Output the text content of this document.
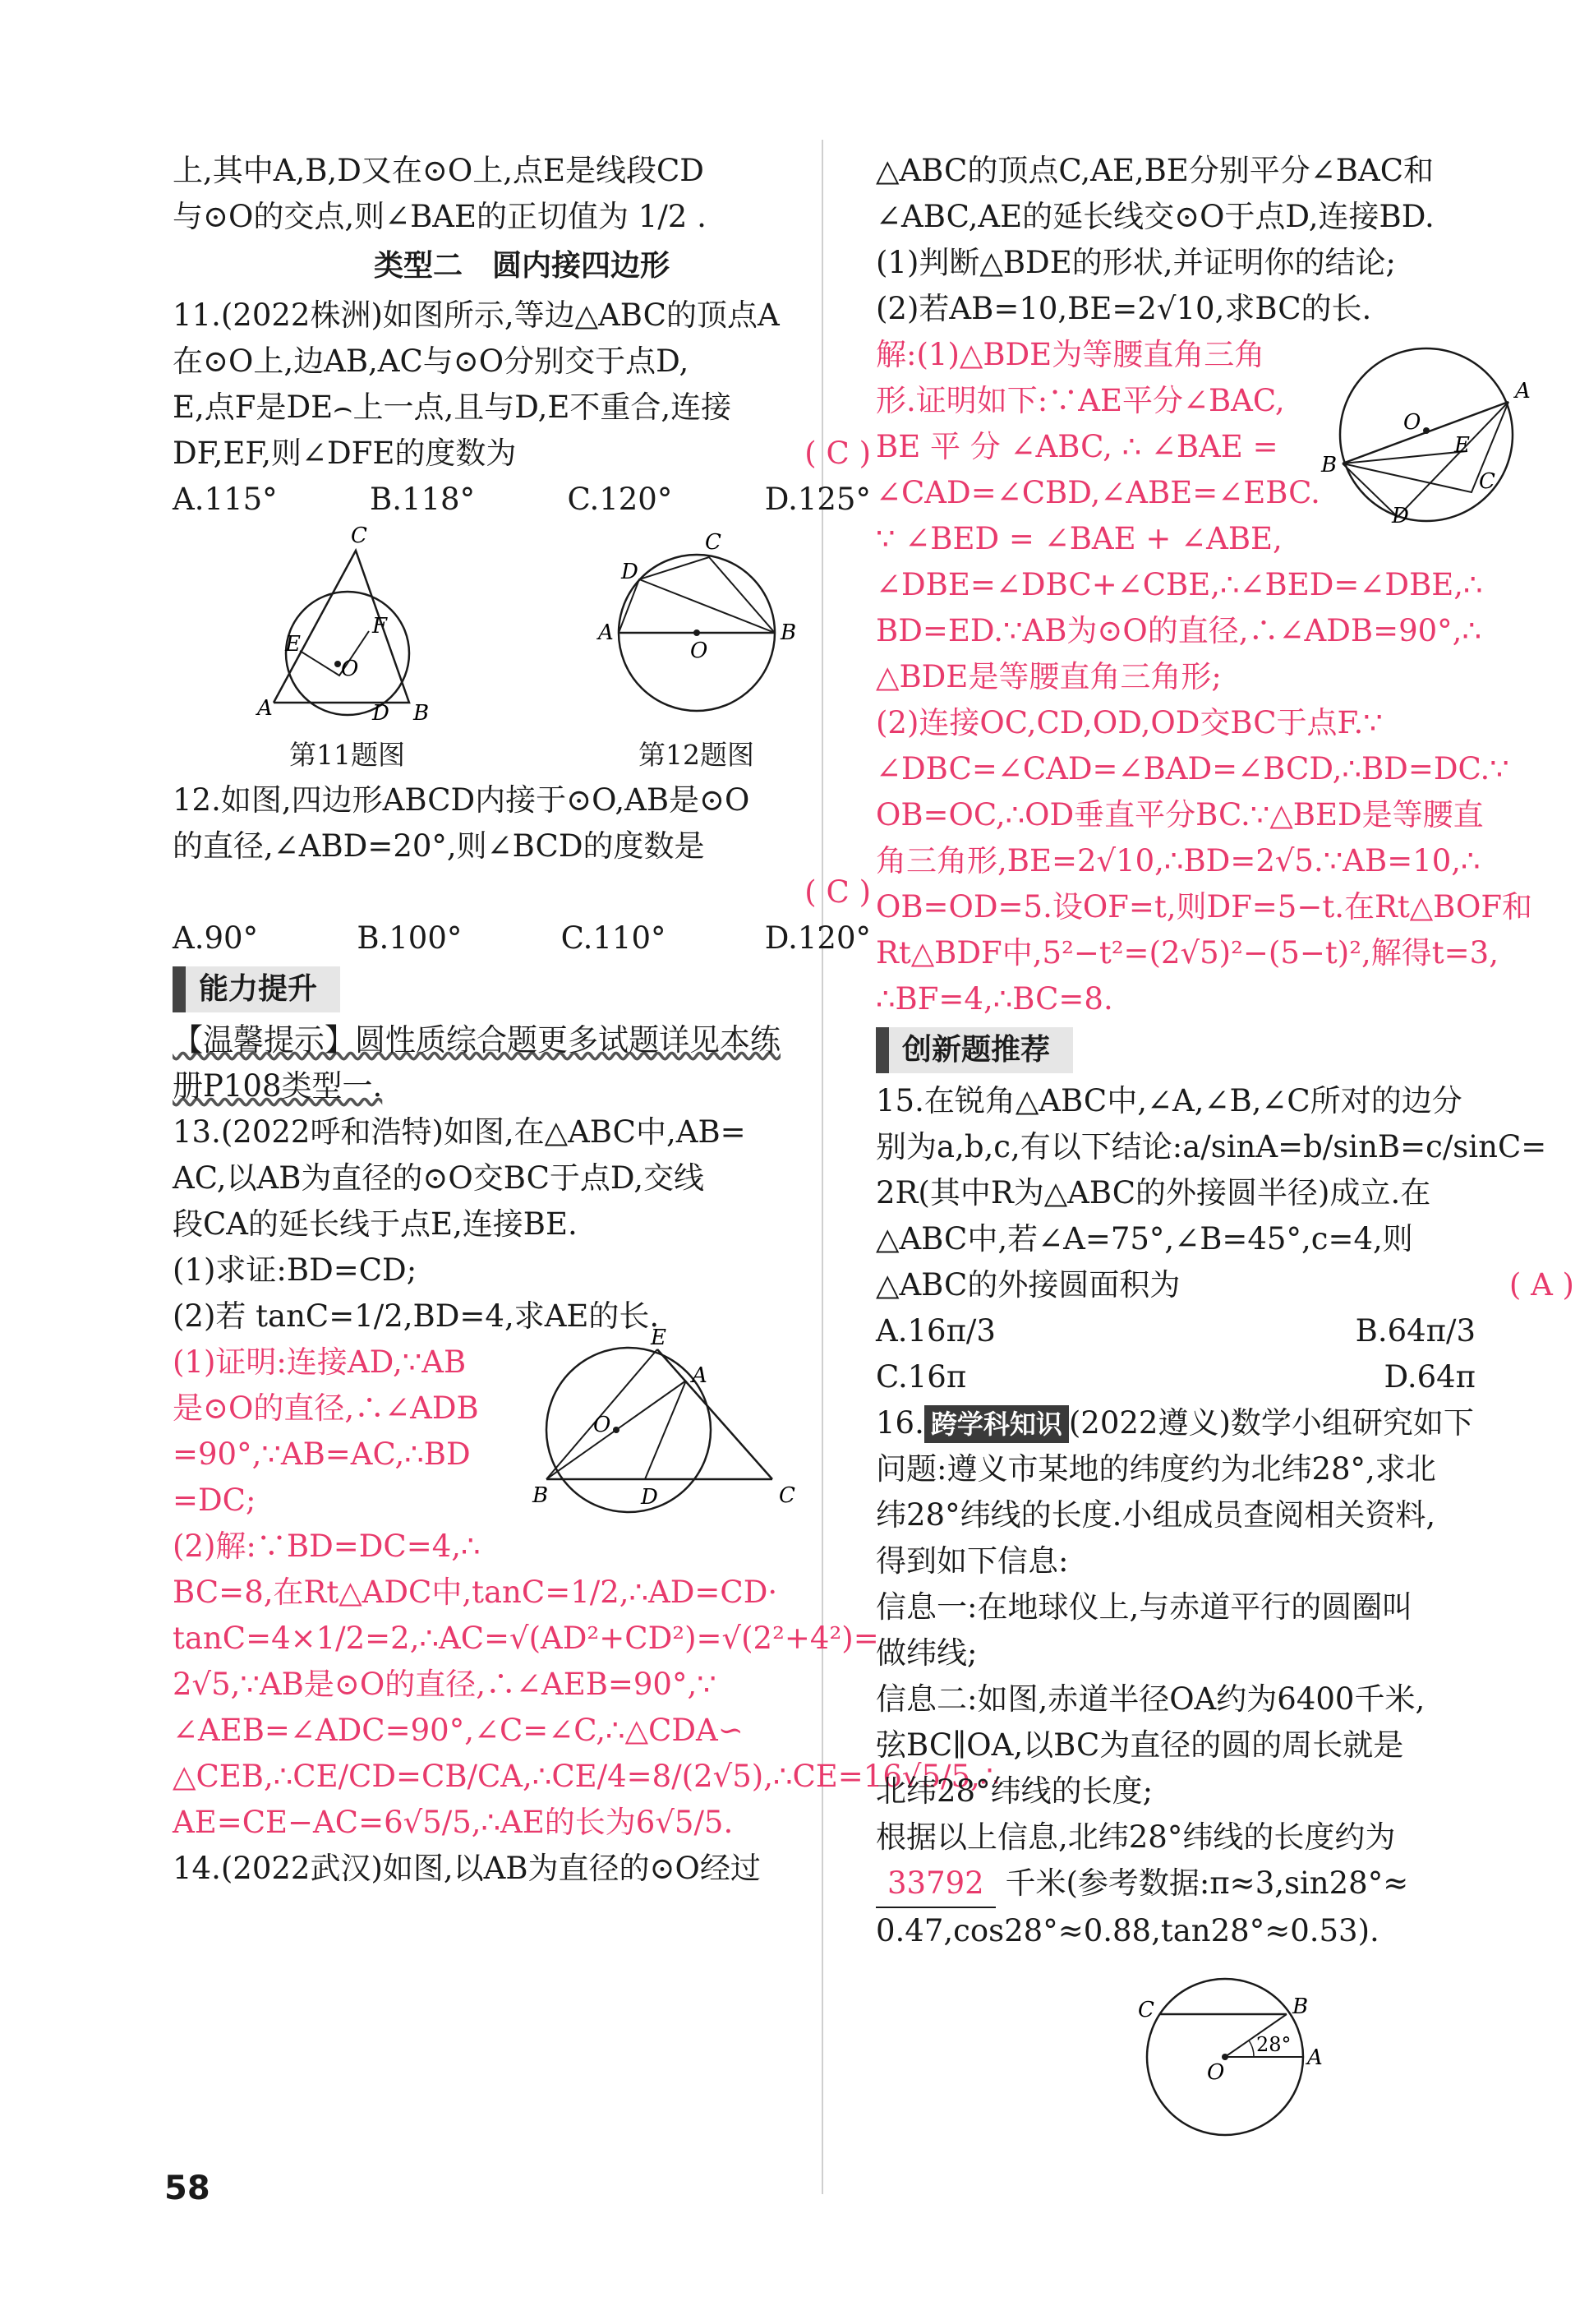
上,其中A,B,D又在⊙O上,点E是线段CD
与⊙O的交点,则∠BAE的正切值为 1/2 .
类型二　圆内接四边形
11.(2022株洲)如图所示,等边△ABC的顶点A
在⊙O上,边AB,AC与⊙O分别交于点D,
E,点F是DE⌢上一点,且与D,E不重合,连接
DF,EF,则∠DFE的度数为	( C )
A.115°	B.118°	C.120°	D.125°
C
E
F
O
A	D B
第11题图
C
D
A	B
O
第12题图
12.如图,四边形ABCD内接于⊙O,AB是⊙O
的直径,∠ABD=20°,则∠BCD的度数是
( C )
A.90°	B.100°	C.110°	D.120°
能力提升
【温馨提示】圆性质综合题更多试题详见本练
册P108类型一.
13.(2022呼和浩特)如图,在△ABC中,AB=
AC,以AB为直径的⊙O交BC于点D,交线
段CA的延长线于点E,连接BE.
(1)求证:BD=CD;
(2)若 tanC=1/2,BD=4,求AE的长.
E
A
O
B	D	C
(1)证明:连接AD,∵AB
是⊙O的直径,∴∠ADB
=90°,∵AB=AC,∴BD
=DC;
(2)解:∵BD=DC=4,∴
BC=8,在Rt△ADC中,tanC=1/2,∴AD=CD·
tanC=4×1/2=2,∴AC=√(AD²+CD²)=√(2²+4²)=
2√5,∵AB是⊙O的直径,∴∠AEB=90°,∵
∠AEB=∠ADC=90°,∠C=∠C,∴△CDA∽
△CEB,∴CE/CD=CB/CA,∴CE/4=8/(2√5),∴CE=16√5/5,∴
AE=CE−AC=6√5/5,∴AE的长为6√5/5.
14.(2022武汉)如图,以AB为直径的⊙O经过
△ABC的顶点C,AE,BE分别平分∠BAC和
∠ABC,AE的延长线交⊙O于点D,连接BD.
(1)判断△BDE的形状,并证明你的结论;
(2)若AB=10,BE=2√10,求BC的长.
A
O
E
B
C
D
解:(1)△BDE为等腰直角三角
形.证明如下:∵AE平分∠BAC,
BE 平 分 ∠ABC, ∴ ∠BAE =
∠CAD=∠CBD,∠ABE=∠EBC.
∵ ∠BED = ∠BAE + ∠ABE,
∠DBE=∠DBC+∠CBE,∴∠BED=∠DBE,∴
BD=ED.∵AB为⊙O的直径,∴∠ADB=90°,∴
△BDE是等腰直角三角形;
(2)连接OC,CD,OD,OD交BC于点F.∵
∠DBC=∠CAD=∠BAD=∠BCD,∴BD=DC.∵
OB=OC,∴OD垂直平分BC.∵△BED是等腰直
角三角形,BE=2√10,∴BD=2√5.∵AB=10,∴
OB=OD=5.设OF=t,则DF=5−t.在Rt△BOF和
Rt△BDF中,5²−t²=(2√5)²−(5−t)²,解得t=3,
∴BF=4,∴BC=8.
创新题推荐
15.在锐角△ABC中,∠A,∠B,∠C所对的边分
别为a,b,c,有以下结论:a/sinA=b/sinB=c/sinC=
2R(其中R为△ABC的外接圆半径)成立.在
△ABC中,若∠A=75°,∠B=45°,c=4,则
△ABC的外接圆面积为	( A )
A.16π/3	B.64π/3
C.16π	D.64π
16. 跨学科知识 (2022遵义)数学小组研究如下
问题:遵义市某地的纬度约为北纬28°,求北
纬28°纬线的长度.小组成员查阅相关资料,
得到如下信息:
信息一:在地球仪上,与赤道平行的圆圈叫
做纬线;
信息二:如图,赤道半径OA约为6400千米,
弦BC∥OA,以BC为直径的圆的周长就是
北纬28°纬线的长度;
根据以上信息,北纬28°纬线的长度约为
33792 千米(参考数据:π≈3,sin28°≈
0.47,cos28°≈0.88,tan28°≈0.53).
C	B
A
O
28°
58
